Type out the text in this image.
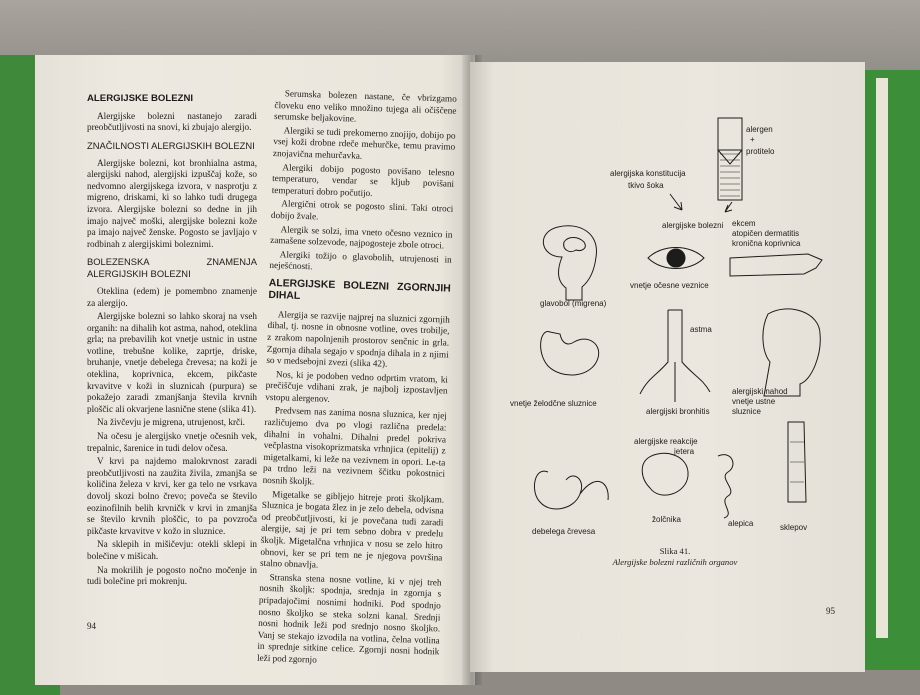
ALERGIJSKE BOLEZNI

Alergijske bolezni nastanejo zaradi preobčutljivosti na snovi, ki zbujajo alergijo.

ZNAČILNOSTI ALERGIJSKIH BOLEZNI

Alergijske bolezni, kot bronhialna astma, alergijski nahod, alergijski izpuščaj kože, so nedvomno alergijskega izvora, v nasprotju z migreno, driskami, ki so lahko tudi drugega izvora. Alergijske bolezni so dedne in jih imajo največ moški, alergijske bolezni kože pa imajo največ ženske. Pogosto se javljajo v rodbinah z alergijskimi boleznimi.

BOLEZENSKA ZNAMENJA ALERGIJSKIH BOLEZNI

Oteklina (edem) je pomembno znamenje za alergijo.

Alergijske bolezni so lahko skoraj na vseh organih: na dihalih kot astma, nahod, oteklina grla; na prebavilih kot vnetje ustnic in ustne votline, trebušne kolike, zaprtje, driske, bruhanje, vnetje debelega črevesa; na koži je oteklina, koprivnica, ekcem, pikčaste krvavitve v koži in sluznicah (purpura) se pokažejo zaradi zmanjšanja števila krvnih ploščic ali okvarjene lasnične stene (slika 41).

Na živčevju je migrena, utrujenost, krči.

Na očesu je alergijsko vnetje očesnih vek, trepalnic, šarenice in tudi delov očesa.

V krvi pa najdemo malokrvnost zaradi preobčutljivosti na zaužita živila, zmanjša se količina železa v krvi, ker ga telo ne vsrkava dovolj skozi bolno črevo; poveča se število eozinofilnih belih krvničk v krvi in zmanjša se število krvnih ploščic, to pa povzroča pikčaste krvavitve v kožo in sluznice.

Na sklepih in mišičevju: otekli sklepi in bolečine v mišicah.

Na mokrilih je pogosto nočno močenje in tudi bolečine pri mokrenju.

94

Serumska bolezen nastane, če vbrizgamo človeku eno veliko množino tujega ali očiščene serumske beljakovine.

Alergiki se tudi prekomerno znojijo, dobijo po vsej koži drobne rdeče mehurčke, temu pravimo znojavična mehurčavka.

Alergiki dobijo pogosto povišano telesno temperaturo, vendar se kljub povišani temperaturi dobro počutijo.

Alergični otrok se pogosto slini. Taki otroci dobijo žvale.

Alergik se solzi, ima vneto očesno veznico in zamašene solzevode, najpogosteje zbole otroci.

Alergiki tožijo o glavobolih, utrujenosti in neješćnosti.

ALERGIJSKE BOLEZNI ZGORNJIH DIHAL

Alergija se razvije najprej na sluznici zgornjih dihal, tj. nosne in obnosne votline, oves trobilje, z zrakom napolnjenih prostorov senčnic in grla. Zgornja dihala segajo v spodnja dihala in z njimi so v medsebojni zvezi (slika 42).

Nos, ki je podoben vedno odprtim vratom, ki prečiščuje vdihani zrak, je najbolj izpostavljen vstopu alergenov.

Predvsem nas zanima nosna sluznica, ker njej različujemo dva po vlogi različna predela: dihalni in vohalni. Dihalni predel pokriva večplastna visokoprizmatska vrhnjica (epitelij) z migetalkami, ki leže na vezivnem in opori. Le-ta pa trdno leži na vezivnem ščitku pokostnici nosnih školjk.

Migetalke se gibljejo hitreje proti školjkam. Sluznica je bogata žlez in je zelo debela, odvisna od preobčutljivosti, ki je povečana tudi zaradi alergije, saj je pri tem sebno dobra v predelu školjk. Migetalčna vrhnjica v nosu se zelo hitro obnovi, ker se pri tem ne je njegova površina stalno obnavlja.

Stranska stena nosne votline, ki v njej treh nosnih školjk: spodnja, srednja in zgornja s pripadajočimi nosnimi hodniki. Pod spodnjo nosno školjko se steka solzni kanal. Srednji nosni hodnik leži pod srednjo nosno školjko. Vanj se stekajo izvodila na votlina, čelna votlina in sprednje sitkine celice. Zgornji nosni hodnik leži pod zgornjo

alergen
+
protitelo
alergijska konstitucija
tkivo šoka
alergijske bolezni ekcem
atopičen dermatitis
kronična koprivnica
glavobol (migrena)
vnetje očesne veznice
astma
vnetje želodčne sluznice
alergijski bronhitis
alergijski nahod
vnetje ustne
sluznice
alergijske reakcije
jetera
debelega črevesa
žolčnika	alepica	sklepov
Slika 41.
Alergijske bolezni različnih organov
95
